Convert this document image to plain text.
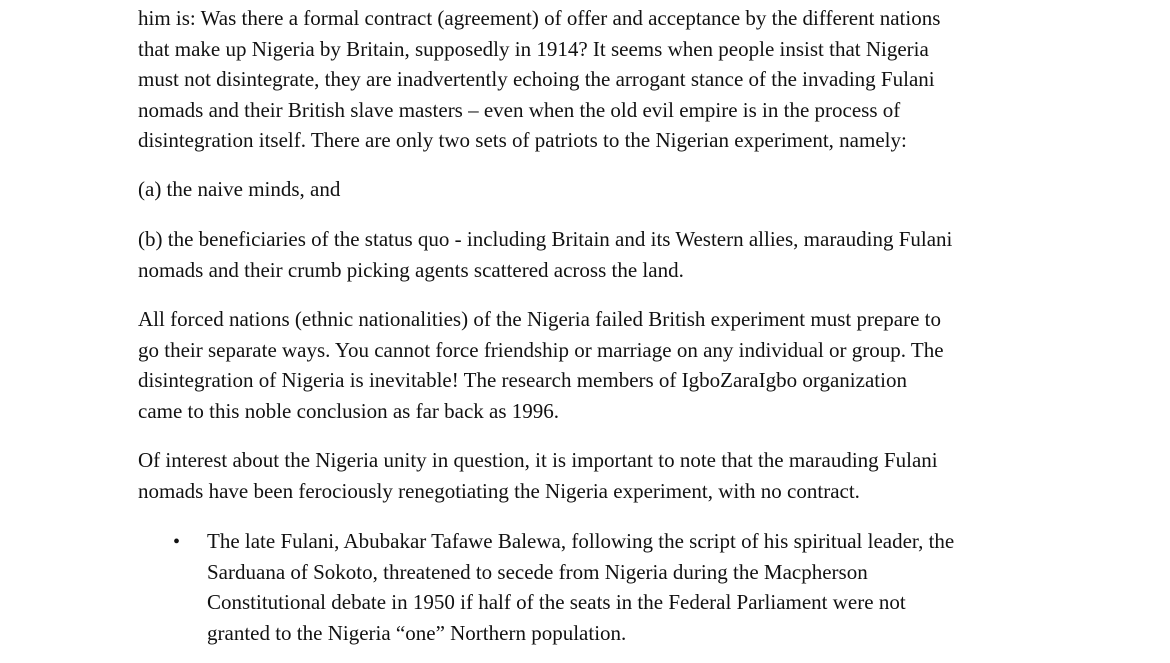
him is: Was there a formal contract (agreement) of offer and acceptance by the different nations
that make up Nigeria by Britain, supposedly in 1914? It seems when people insist that Nigeria
must not disintegrate, they are inadvertently echoing the arrogant stance of the invading Fulani
nomads and their British slave masters – even when the old evil empire is in the process of
disintegration itself. There are only two sets of patriots to the Nigerian experiment, namely:
(a) the naive minds, and
(b) the beneficiaries of the status quo - including Britain and its Western allies, marauding Fulani
nomads and their crumb picking agents scattered across the land.
All forced nations (ethnic nationalities) of the Nigeria failed British experiment must prepare to
go their separate ways. You cannot force friendship or marriage on any individual or group. The
disintegration of Nigeria is inevitable! The research members of IgboZaraIgbo organization
came to this noble conclusion as far back as 1996.
Of interest about the Nigeria unity in question, it is important to note that the marauding Fulani
nomads have been ferociously renegotiating the Nigeria experiment, with no contract.
• The late Fulani, Abubakar Tafawe Balewa, following the script of his spiritual leader, the
Sarduana of Sokoto, threatened to secede from Nigeria during the Macpherson
Constitutional debate in 1950 if half of the seats in the Federal Parliament were not
granted to the Nigeria “one” Northern population.
